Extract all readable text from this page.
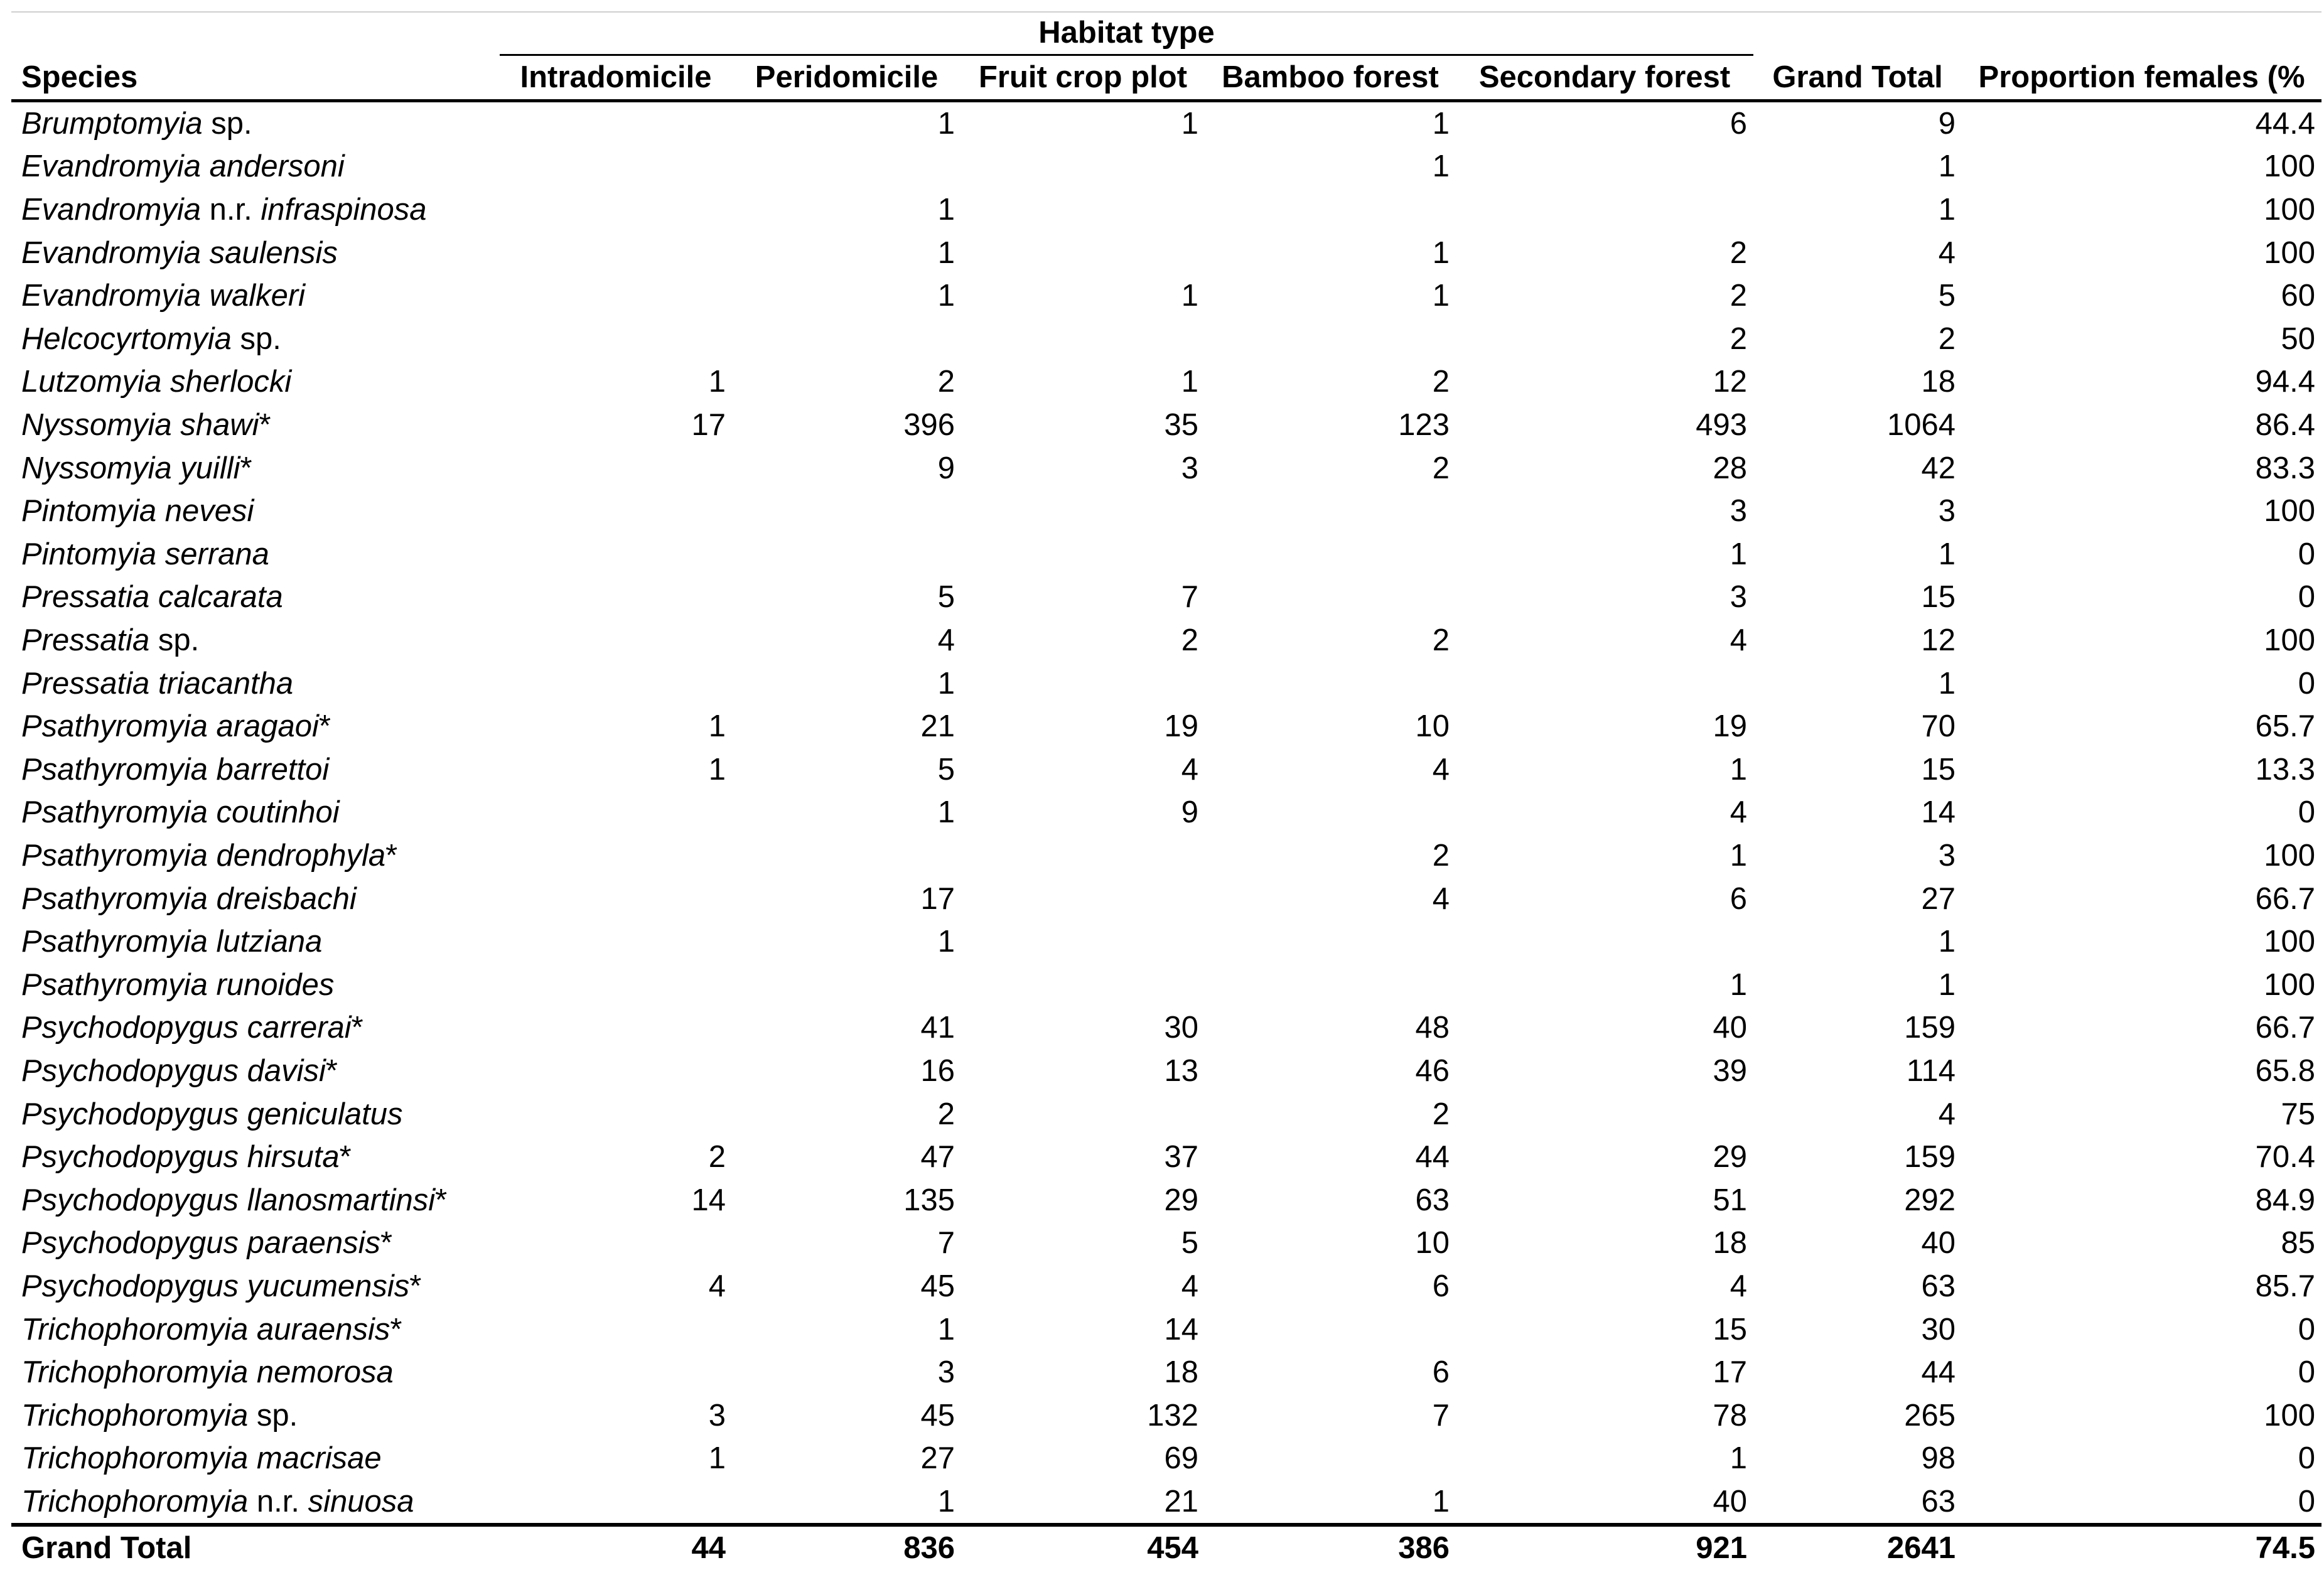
	Habitat type						
Species	Intradomicile	Peridomicile	Fruit crop plot	Bamboo forest	Secondary forest	Grand Total	Proportion females (%
Brumptomyia sp.		1	1	1	6	9	44.4
Evandromyia andersoni				1		1	100
Evandromyia n.r. infraspinosa		1				1	100
Evandromyia saulensis		1		1	2	4	100
Evandromyia walkeri		1	1	1	2	5	60
Helcocyrtomyia sp.					2	2	50
Lutzomyia sherlocki	1	2	1	2	12	18	94.4
Nyssomyia shawi*	17	396	35	123	493	1064	86.4
Nyssomyia yuilli*		9	3	2	28	42	83.3
Pintomyia nevesi					3	3	100
Pintomyia serrana					1	1	0
Pressatia calcarata		5	7		3	15	0
Pressatia sp.		4	2	2	4	12	100
Pressatia triacantha		1				1	0
Psathyromyia aragaoi*	1	21	19	10	19	70	65.7
Psathyromyia barrettoi	1	5	4	4	1	15	13.3
Psathyromyia coutinhoi		1	9		4	14	0
Psathyromyia dendrophyla*				2	1	3	100
Psathyromyia dreisbachi		17		4	6	27	66.7
Psathyromyia lutziana		1				1	100
Psathyromyia runoides					1	1	100
Psychodopygus carrerai*		41	30	48	40	159	66.7
Psychodopygus davisi*		16	13	46	39	114	65.8
Psychodopygus geniculatus		2		2		4	75
Psychodopygus hirsuta*	2	47	37	44	29	159	70.4
Psychodopygus llanosmartinsi*	14	135	29	63	51	292	84.9
Psychodopygus paraensis*		7	5	10	18	40	85
Psychodopygus yucumensis*	4	45	4	6	4	63	85.7
Trichophoromyia auraensis*		1	14		15	30	0
Trichophoromyia nemorosa		3	18	6	17	44	0
Trichophoromyia sp.	3	45	132	7	78	265	100
Trichophoromyia macrisae	1	27	69		1	98	0
Trichophoromyia n.r. sinuosa		1	21	1	40	63	0
Grand Total	44	836	454	386	921	2641	74.5
